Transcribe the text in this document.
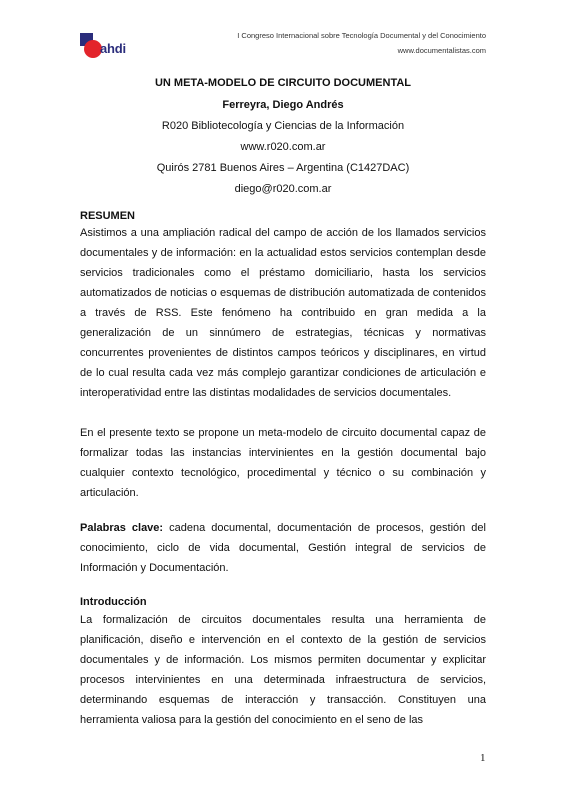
ahdi
I Congreso Internacional sobre Tecnología Documental y del Conocimiento
www.documentalistas.com
UN META-MODELO DE CIRCUITO DOCUMENTAL
Ferreyra, Diego Andrés
R020 Bibliotecología y Ciencias de la Información
www.r020.com.ar
Quirós 2781 Buenos Aires – Argentina (C1427DAC)
diego@r020.com.ar
RESUMEN

Asistimos a una ampliación radical del campo de acción de los llamados servicios documentales y de información: en la actualidad estos servicios contemplan desde servicios tradicionales como el préstamo domiciliario, hasta los servicios automatizados de noticias o esquemas de distribución automatizada de contenidos a través de RSS. Este fenómeno ha contribuido en gran medida a la generalización de un sinnúmero de estrategias, técnicas y normativas concurrentes provenientes de distintos campos teóricos y disciplinares, en virtud de lo cual resulta cada vez más complejo garantizar condiciones de articulación e interoperatividad entre las distintas modalidades de servicios documentales.

En el presente texto se propone un meta-modelo de circuito documental capaz de formalizar todas las instancias intervinientes en la gestión documental bajo cualquier contexto tecnológico, procedimental y técnico o su combinación y articulación.

Palabras clave: cadena documental, documentación de procesos, gestión del conocimiento, ciclo de vida documental, Gestión integral de servicios de Información y Documentación.

Introducción

La formalización de circuitos documentales resulta una herramienta de planificación, diseño e intervención en el contexto de la gestión de servicios documentales y de información. Los mismos permiten documentar y explicitar procesos intervinientes en una determinada infraestructura de servicios, determinando esquemas de interacción y transacción. Constituyen una herramienta valiosa para la gestión del conocimiento en el seno de las

1
